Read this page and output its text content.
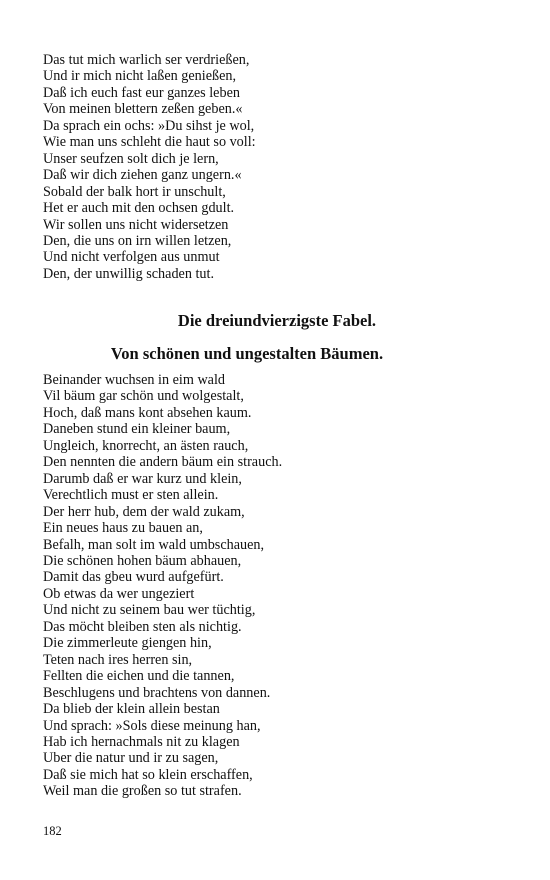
Das tut mich warlich ser verdrießen,
Und ir mich nicht laßen genießen,
Daß ich euch fast eur ganzes leben
Von meinen blettern zeßen geben.«
Da sprach ein ochs: »Du sihst je wol,
Wie man uns schleht die haut so voll:
Unser seufzen solt dich je lern,
Daß wir dich ziehen ganz ungern.«
Sobald der balk hort ir unschult,
Het er auch mit den ochsen gdult.
Wir sollen uns nicht widersetzen
Den, die uns on irn willen letzen,
Und nicht verfolgen aus unmut
Den, der unwillig schaden tut.
Die dreiundvierzigste Fabel.
Von schönen und ungestalten Bäumen.
Beinander wuchsen in eim wald
Vil bäum gar schön und wolgestalt,
Hoch, daß mans kont absehen kaum.
Daneben stund ein kleiner baum,
Ungleich, knorrecht, an ästen rauch,
Den nennten die andern bäum ein strauch.
Darumb daß er war kurz und klein,
Verechtlich must er sten allein.
Der herr hub, dem der wald zukam,
Ein neues haus zu bauen an,
Befalh, man solt im wald umbschauen,
Die schönen hohen bäum abhauen,
Damit das gbeu wurd aufgefürt.
Ob etwas da wer ungeziert
Und nicht zu seinem bau wer tüchtig,
Das möcht bleiben sten als nichtig.
Die zimmerleute giengen hin,
Teten nach ires herren sin,
Fellten die eichen und die tannen,
Beschlugens und brachtens von dannen.
Da blieb der klein allein bestan
Und sprach: »Sols diese meinung han,
Hab ich hernachmals nit zu klagen
Uber die natur und ir zu sagen,
Daß sie mich hat so klein erschaffen,
Weil man die großen so tut strafen.
182
